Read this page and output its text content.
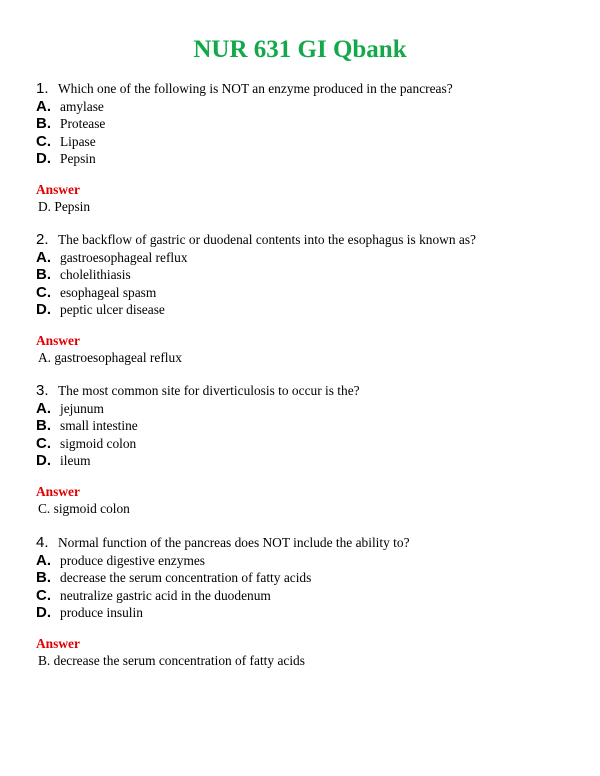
NUR 631 GI Qbank
1. Which one of the following is NOT an enzyme produced in the pancreas?
A. amylase
B. Protease
C. Lipase
D. Pepsin
Answer
D. Pepsin
2. The backflow of gastric or duodenal contents into the esophagus is known as?
A. gastroesophageal reflux
B. cholelithiasis
C. esophageal spasm
D. peptic ulcer disease
Answer
A. gastroesophageal reflux
3. The most common site for diverticulosis to occur is the?
A. jejunum
B. small intestine
C. sigmoid colon
D. ileum
Answer
C. sigmoid colon
4. Normal function of the pancreas does NOT include the ability to?
A. produce digestive enzymes
B. decrease the serum concentration of fatty acids
C. neutralize gastric acid in the duodenum
D. produce insulin
Answer
B. decrease the serum concentration of fatty acids
